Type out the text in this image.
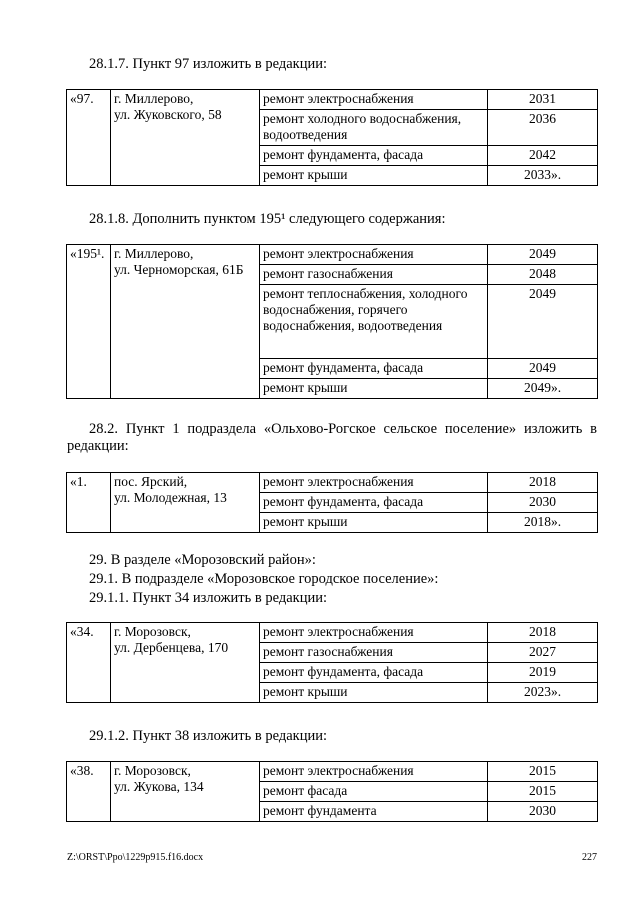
28.1.7. Пункт 97 изложить в редакции:
«97.	г. Миллерово,
ул. Жуковского, 58	ремонт электроснабжения	2031
		ремонт холодного водоснабжения, водоотведения	2036
		ремонт фундамента, фасада	2042
		ремонт крыши	2033».
28.1.8. Дополнить пунктом 195¹ следующего содержания:
«195¹.	г. Миллерово,
ул. Черноморская, 61Б	ремонт электроснабжения	2049
		ремонт газоснабжения	2048
		ремонт теплоснабжения, холодного водоснабжения, горячего водоснабжения, водоотведения	2049
		ремонт фундамента, фасада	2049
		ремонт крыши	2049».
28.2. Пункт 1 подраздела «Ольхово-Рогское сельское поселение» изложить в редакции:
«1.	пос. Ярский,
ул. Молодежная, 13	ремонт электроснабжения	2018
		ремонт фундамента, фасада	2030
		ремонт крыши	2018».
29. В разделе «Морозовский район»:
29.1. В подразделе «Морозовское городское поселение»:
29.1.1. Пункт 34 изложить в редакции:
«34.	г. Морозовск,
ул. Дербенцева, 170	ремонт электроснабжения	2018
		ремонт газоснабжения	2027
		ремонт фундамента, фасада	2019
		ремонт крыши	2023».
29.1.2. Пункт 38 изложить в редакции:
«38.	г. Морозовск,
ул. Жукова, 134	ремонт электроснабжения	2015
		ремонт фасада	2015
		ремонт фундамента	2030
Z:\ORST\Ppo\1229p915.f16.docx	227
